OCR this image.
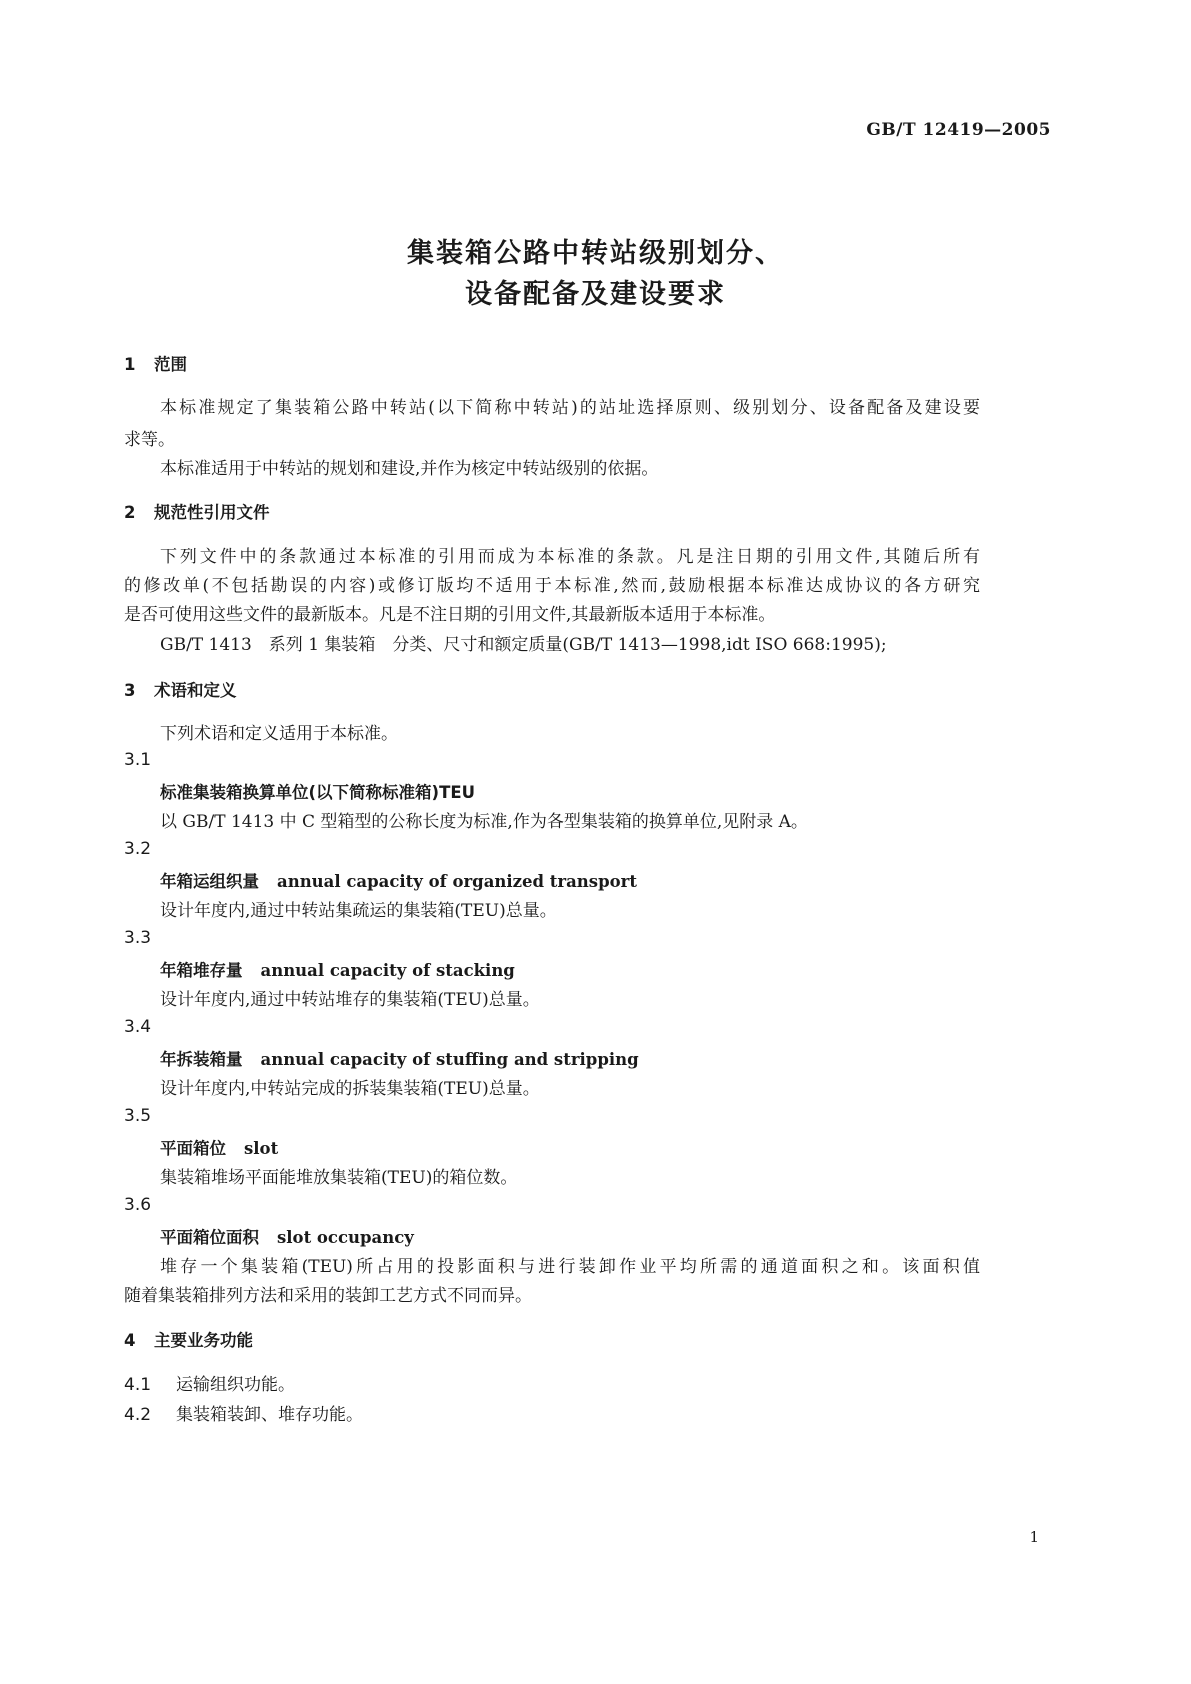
GB/T 12419—2005
集装箱公路中转站级别划分、
设备配备及建设要求
1 范围
本标准规定了集装箱公路中转站(以下简称中转站)的站址选择原则、级别划分、设备配备及建设要
求等。
本标准适用于中转站的规划和建设,并作为核定中转站级别的依据。
2 规范性引用文件
下列文件中的条款通过本标准的引用而成为本标准的条款。凡是注日期的引用文件,其随后所有
的修改单(不包括勘误的内容)或修订版均不适用于本标准,然而,鼓励根据本标准达成协议的各方研究
是否可使用这些文件的最新版本。凡是不注日期的引用文件,其最新版本适用于本标准。
GB/T 1413　系列 1 集装箱　分类、尺寸和额定质量(GB/T 1413—1998,idt ISO 668:1995);
3 术语和定义
下列术语和定义适用于本标准。
3.1
标准集装箱换算单位(以下简称标准箱)TEU
以 GB/T 1413 中 C 型箱型的公称长度为标准,作为各型集装箱的换算单位,见附录 A。
3.2
年箱运组织量 annual capacity of organized transport
设计年度内,通过中转站集疏运的集装箱(TEU)总量。
3.3
年箱堆存量 annual capacity of stacking
设计年度内,通过中转站堆存的集装箱(TEU)总量。
3.4
年拆装箱量 annual capacity of stuffing and stripping
设计年度内,中转站完成的拆装集装箱(TEU)总量。
3.5
平面箱位 slot
集装箱堆场平面能堆放集装箱(TEU)的箱位数。
3.6
平面箱位面积 slot occupancy
堆存一个集装箱(TEU)所占用的投影面积与进行装卸作业平均所需的通道面积之和。该面积值
随着集装箱排列方法和采用的装卸工艺方式不同而异。
4 主要业务功能
4.1 运输组织功能。
4.2 集装箱装卸、堆存功能。
1
